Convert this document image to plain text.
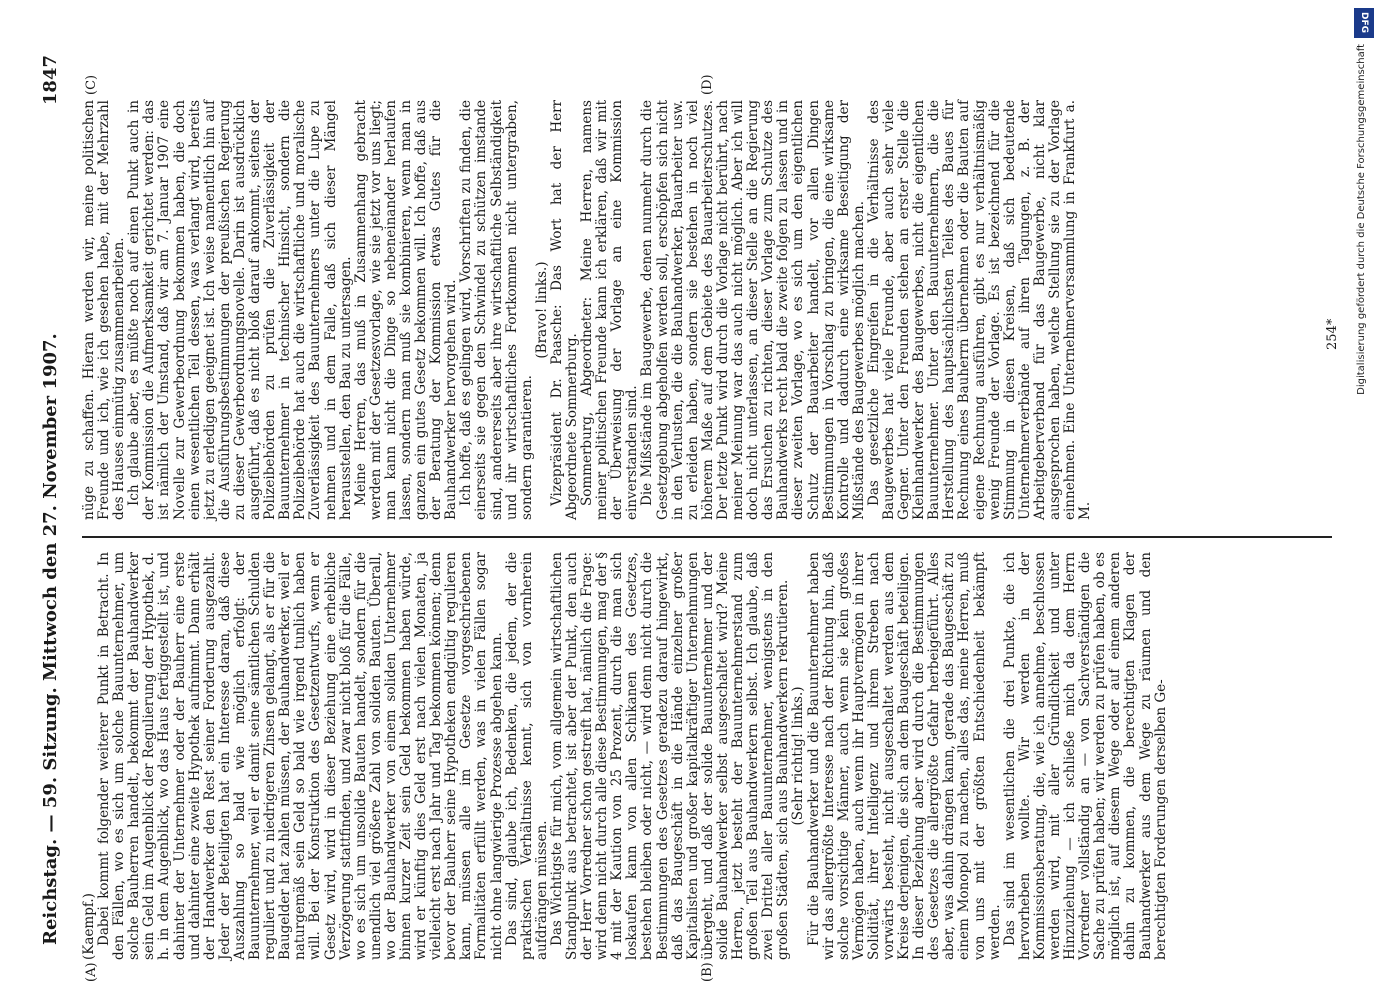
Reichstag. — 59. Sitzung. Mittwoch den 27. November 1907.
1847
(A)	(B)
(C)	(D)

(Kaempf.) Dabei kommt folgender weiterer Punkt in Betracht. In den Fällen, wo es sich um solche Bauunternehmer, um solche Bauherren handelt, bekommt der Bauhandwerker sein Geld im Augenblick der Regulierung der Hypothek, d. h. in dem Augenblick, wo das Haus fertiggestellt ist, und dahinter der Unternehmer oder der Bauherr eine erste und dahinter eine zweite Hypothek aufnimmt. Dann erhält der Handwerker den Rest seiner Forderung ausgezahlt. Jeder der Beteiligten hat ein Interesse daran, daß diese Auszahlung so bald wie möglich erfolgt: der Bauunternehmer, weil er damit seine sämtlichen Schulden reguliert und zu niedrigeren Zinsen gelangt, als er für die Baugelder hat zahlen müssen, der Bauhandwerker, weil er naturgemäß sein Geld so bald wie irgend tunlich haben will. Bei der Konstruktion des Gesetzentwurfs, wenn er Gesetz wird, wird in dieser Beziehung eine erhebliche Verzögerung stattfinden, und zwar nicht bloß für die Fälle, wo es sich um unsolide Bauten handelt, sondern für die unendlich viel größere Zahl von soliden Bauten. Überall, wo der Bauhandwerker von einem soliden Unternehmer binnen kurzer Zeit sein Geld bekommen haben würde, wird er künftig dies Geld erst nach vielen Monaten, ja vielleicht erst nach Jahr und Tag bekommen können; denn bevor der Bauherr seine Hypotheken endgültig regulieren kann, müssen alle im Gesetze vorgeschriebenen Formalitäten erfüllt werden, was in vielen Fällen sogar nicht ohne langwierige Prozesse abgehen kann. Das sind, glaube ich, Bedenken, die jedem, der die praktischen Verhältnisse kennt, sich von vornherein aufdrängen müssen. Das Wichtigste für mich, vom allgemein wirtschaftlichen Standpunkt aus betrachtet, ist aber der Punkt, den auch der Herr Vorredner schon gestreift hat, nämlich die Frage: wird denn nicht durch alle diese Bestimmungen, mag der § 4 mit der Kaution von 25 Prozent, durch die man sich loskaufen kann von allen Schikanen des Gesetzes, bestehen bleiben oder nicht, — wird denn nicht durch die Bestimmungen des Gesetzes geradezu darauf hingewirkt, daß das Baugeschäft in die Hände einzelner großer Kapitalisten und großer kapitalkräftiger Unternehmungen übergeht, und daß der solide Bauunternehmer und der solide Bauhandwerker selbst ausgeschaltet wird? Meine Herren, jetzt besteht der Bauunternehmerstand zum großen Teil aus Bauhandwerkern selbst. Ich glaube, daß zwei Drittel aller Bauunternehmer, wenigstens in den großen Städten, sich aus Bauhandwerkern rekrutieren. (Sehr richtig! links.) Für die Bauhandwerker und die Bauunternehmer haben wir das allergrößte Interesse nach der Richtung hin, daß solche vorsichtige Männer, auch wenn sie kein großes Vermögen haben, auch wenn ihr Hauptvermögen in ihrer Solidität, ihrer Intelligenz und ihrem Streben nach vorwärts besteht, nicht ausgeschaltet werden aus dem Kreise derjenigen, die sich an dem Baugeschäft beteiligen. In dieser Beziehung aber wird durch die Bestimmungen des Gesetzes die allergrößte Gefahr herbeigeführt. Alles aber, was dahin drängen kann, gerade das Baugeschäft zu einem Monopol zu machen, alles das, meine Herren, muß von uns mit der größten Entschiedenheit bekämpft werden. Das sind im wesentlichen die drei Punkte, die ich hervorheben wollte. Wir werden in der Kommissionsberatung, die, wie ich annehme, beschlossen werden wird, mit aller Gründlichkeit und unter Hinzuziehung — ich schließe mich da dem Herrn Vorredner vollständig an — von Sachverständigen die Sache zu prüfen haben; wir werden zu prüfen haben, ob es möglich ist, auf diesem Wege oder auf einem anderen dahin zu kommen, die berechtigten Klagen der Bauhandwerker aus dem Wege zu räumen und den berechtigten Forderungen derselben Ge-

nüge zu schaffen. Hieran werden wir, meine politischen Freunde und ich, wie ich gesehen habe, mit der Mehrzahl des Hauses einmütig zusammenarbeiten. Ich glaube aber, es müßte noch auf einen Punkt auch in der Kommission die Aufmerksamkeit gerichtet werden: das ist nämlich der Umstand, daß wir am 7. Januar 1907 eine Novelle zur Gewerbeordnung bekommen haben, die doch einen wesentlichen Teil dessen, was verlangt wird, bereits jetzt zu erledigen geeignet ist. Ich weise namentlich hin auf die Ausführungsbestimmungen der preußischen Regierung zu dieser Gewerbeordnungsnovelle. Darin ist ausdrücklich ausgeführt, daß es nicht bloß darauf ankommt, seitens der Polizeibehörden zu prüfen die Zuverlässigkeit der Bauunternehmer in technischer Hinsicht, sondern die Polizeibehörde hat auch die wirtschaftliche und moralische Zuverlässigkeit des Bauunternehmers unter die Lupe zu nehmen und in dem Falle, daß sich dieser Mängel herausstellen, den Bau zu untersagen. Meine Herren, das muß in Zusammenhang gebracht werden mit der Gesetzesvorlage, wie sie jetzt vor uns liegt; man kann nicht die Dinge so nebeneinander herlaufen lassen, sondern man muß sie kombinieren, wenn man in ganzen ein gutes Gesetz bekommen will. Ich hoffe, daß aus der Beratung der Kommission etwas Gutes für die Bauhandwerker hervorgehen wird. Ich hoffe, daß es gelingen wird, Vorschriften zu finden, die einerseits sie gegen den Schwindel zu schützen imstande sind, andererseits aber ihre wirtschaftliche Selbständigkeit und ihr wirtschaftliches Fortkommen nicht untergraben, sondern garantieren.

(Bravo! links.) Vizepräsident Dr. Paasche: Das Wort hat der Herr Abgeordnete Sommerburg. Sommerburg, Abgeordneter: Meine Herren, namens meiner politischen Freunde kann ich erklären, daß wir mit der Überweisung der Vorlage an eine Kommission einverstanden sind. Die Mißstände im Baugewerbe, denen nunmehr durch die Gesetzgebung abgeholfen werden soll, erschöpfen sich nicht in den Verlusten, die die Bauhandwerker, Bauarbeiter usw. zu erleiden haben, sondern sie bestehen in noch viel höherem Maße auf dem Gebiete des Bauarbeiterschutzes. Der letzte Punkt wird durch die Vorlage nicht berührt, nach meiner Meinung war das auch nicht möglich. Aber ich will doch nicht unterlassen, an dieser Stelle an die Regierung das Ersuchen zu richten, dieser Vorlage zum Schutze des Bauhandwerks recht bald die zweite folgen zu lassen und in dieser zweiten Vorlage, wo es sich um den eigentlichen Schutz der Bauarbeiter handelt, vor allen Dingen Bestimmungen in Vorschlag zu bringen, die eine wirksame Kontrolle und dadurch eine wirksame Beseitigung der Mißstände des Baugewerbes möglich machen. Das gesetzliche Eingreifen in die Verhältnisse des Baugewerbes hat viele Freunde, aber auch sehr viele Gegner. Unter den Freunden stehen an erster Stelle die Kleinhandwerker des Baugewerbes, nicht die eigentlichen Bauunternehmer. Unter den Bauunternehmern, die die Herstellung des hauptsächlichsten Teiles des Baues für Rechnung eines Bauherrn übernehmen oder die Bauten auf eigene Rechnung ausführen, gibt es nur verhältnismäßig wenig Freunde der Vorlage. Es ist bezeichnend für die Stimmung in diesen Kreisen, daß sich bedeutende Unternehmerverbände auf ihren Tagungen, z. B. der Arbeitgeberverband für das Baugewerbe, nicht klar ausgesprochen haben, welche Stellung sie zu der Vorlage einnehmen. Eine Unternehmerversammlung in Frankfurt a. M.

254*
DFG
Digitalisierung gefördert durch die Deutsche Forschungsgemeinschaft
